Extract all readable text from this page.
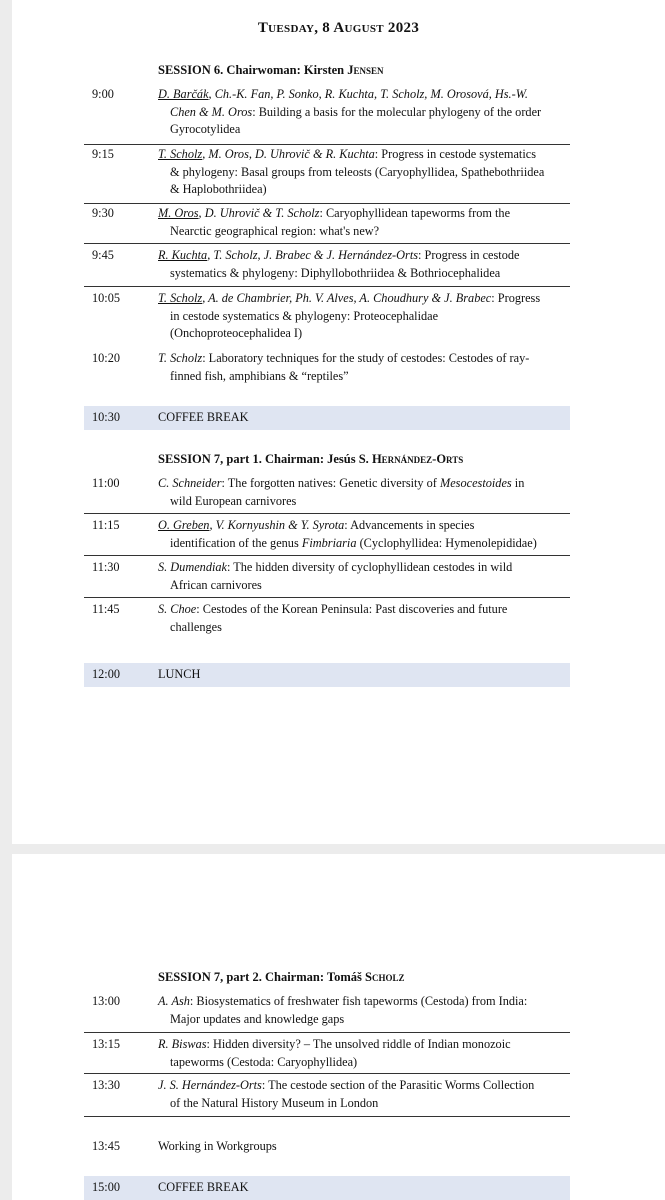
Tuesday, 8 August 2023
SESSION 6. Chairwoman: Kirsten Jensen
9:00	D. Barčák, Ch.-K. Fan, P. Sonko, R. Kuchta, T. Scholz, M. Orosová, Hs.-W.
Chen & M. Oros: Building a basis for the molecular phylogeny of the order
Gyrocotylidea
9:15	T. Scholz, M. Oros, D. Uhrovič & R. Kuchta: Progress in cestode systematics
& phylogeny: Basal groups from teleosts (Caryophyllidea, Spathebothriidea
& Haplobothriidea)
9:30	M. Oros, D. Uhrovič & T. Scholz: Caryophyllidean tapeworms from the
Nearctic geographical region: what's new?
9:45	R. Kuchta, T. Scholz, J. Brabec & J. Hernández-Orts: Progress in cestode
systematics & phylogeny: Diphyllobothriidea & Bothriocephalidea
10:05	T. Scholz, A. de Chambrier, Ph. V. Alves, A. Choudhury & J. Brabec: Progress
in cestode systematics & phylogeny: Proteocephalidae
(Onchoproteocephalidea I)
10:20	T. Scholz: Laboratory techniques for the study of cestodes: Cestodes of ray-
finned fish, amphibians & “reptiles”
10:30	COFFEE BREAK
SESSION 7, part 1. Chairman: Jesús S. Hernández-Orts
11:00	C. Schneider: The forgotten natives: Genetic diversity of Mesocestoides in
wild European carnivores
11:15	O. Greben, V. Kornyushin & Y. Syrota: Advancements in species
identification of the genus Fimbriaria (Cyclophyllidea: Hymenolepididae)
11:30	S. Dumendiak: The hidden diversity of cyclophyllidean cestodes in wild
African carnivores
11:45	S. Choe: Cestodes of the Korean Peninsula: Past discoveries and future
challenges
12:00	LUNCH
SESSION 7, part 2. Chairman: Tomáš Scholz
13:00	A. Ash: Biosystematics of freshwater fish tapeworms (Cestoda) from India:
Major updates and knowledge gaps
13:15	R. Biswas: Hidden diversity? – The unsolved riddle of Indian monozoic
tapeworms (Cestoda: Caryophyllidea)
13:30	J. S. Hernández-Orts: The cestode section of the Parasitic Worms Collection
of the Natural History Museum in London
13:45	Working in Workgroups
15:00	COFFEE BREAK
